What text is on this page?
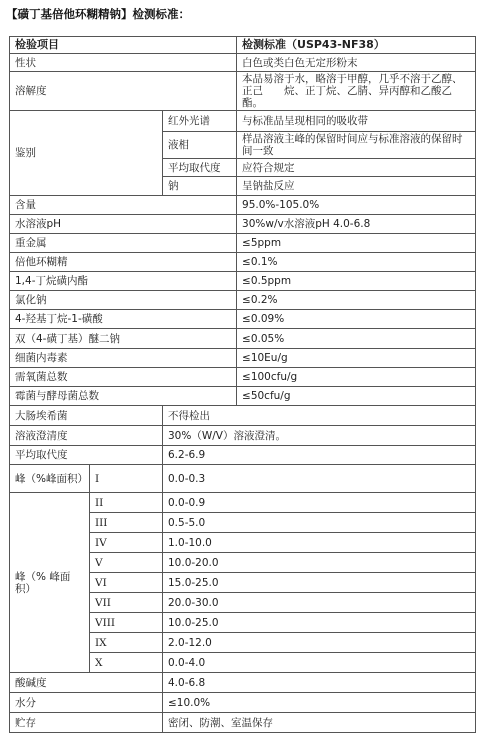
【磺丁基倍他环糊精钠】检测标准：
检验项目			检测标准（USP43-NF38）
性状			白色或类白色无定形粉末
溶解度			本品易溶于水，略溶于甲醇，几乎不溶于乙醇、正己　　烷、正丁烷、乙腈、异丙醇和乙酸乙酯。
鉴别		红外光谱	与标准品呈现相同的吸收带
		液相	样品溶液主峰的保留时间应与标准溶液的保留时间一致
		平均取代度	应符合规定
		钠	呈钠盐反应
含量			95.0%-105.0%
水溶液pH			30%w/v水溶液pH 4.0-6.8
重金属			≤5ppm
倍他环糊精			≤0.1%
1,4-丁烷磺内酯			≤0.5ppm
氯化钠			≤0.2%
4-羟基丁烷-1-磺酸			≤0.09%
双（4-磺丁基）醚二钠			≤0.05%
细菌内毒素			≤10Eu/g
需氧菌总数			≤100cfu/g
霉菌与酵母菌总数			≤50cfu/g
大肠埃希菌		不得检出	
溶液澄清度		30%（W/V）溶液澄清。	
平均取代度		6.2-6.9	
峰（%峰面积）	I	0.0-0.3	
峰（% 峰面积）	II	0.0-0.9	
	III	0.5-5.0	
	IV	1.0-10.0	
	V	10.0-20.0	
	VI	15.0-25.0	
	VII	20.0-30.0	
	VIII	10.0-25.0	
	IX	2.0-12.0	
	X	0.0-4.0	
酸碱度		4.0-6.8	
水分		≤10.0%	
贮存		密闭、防潮、室温保存	
